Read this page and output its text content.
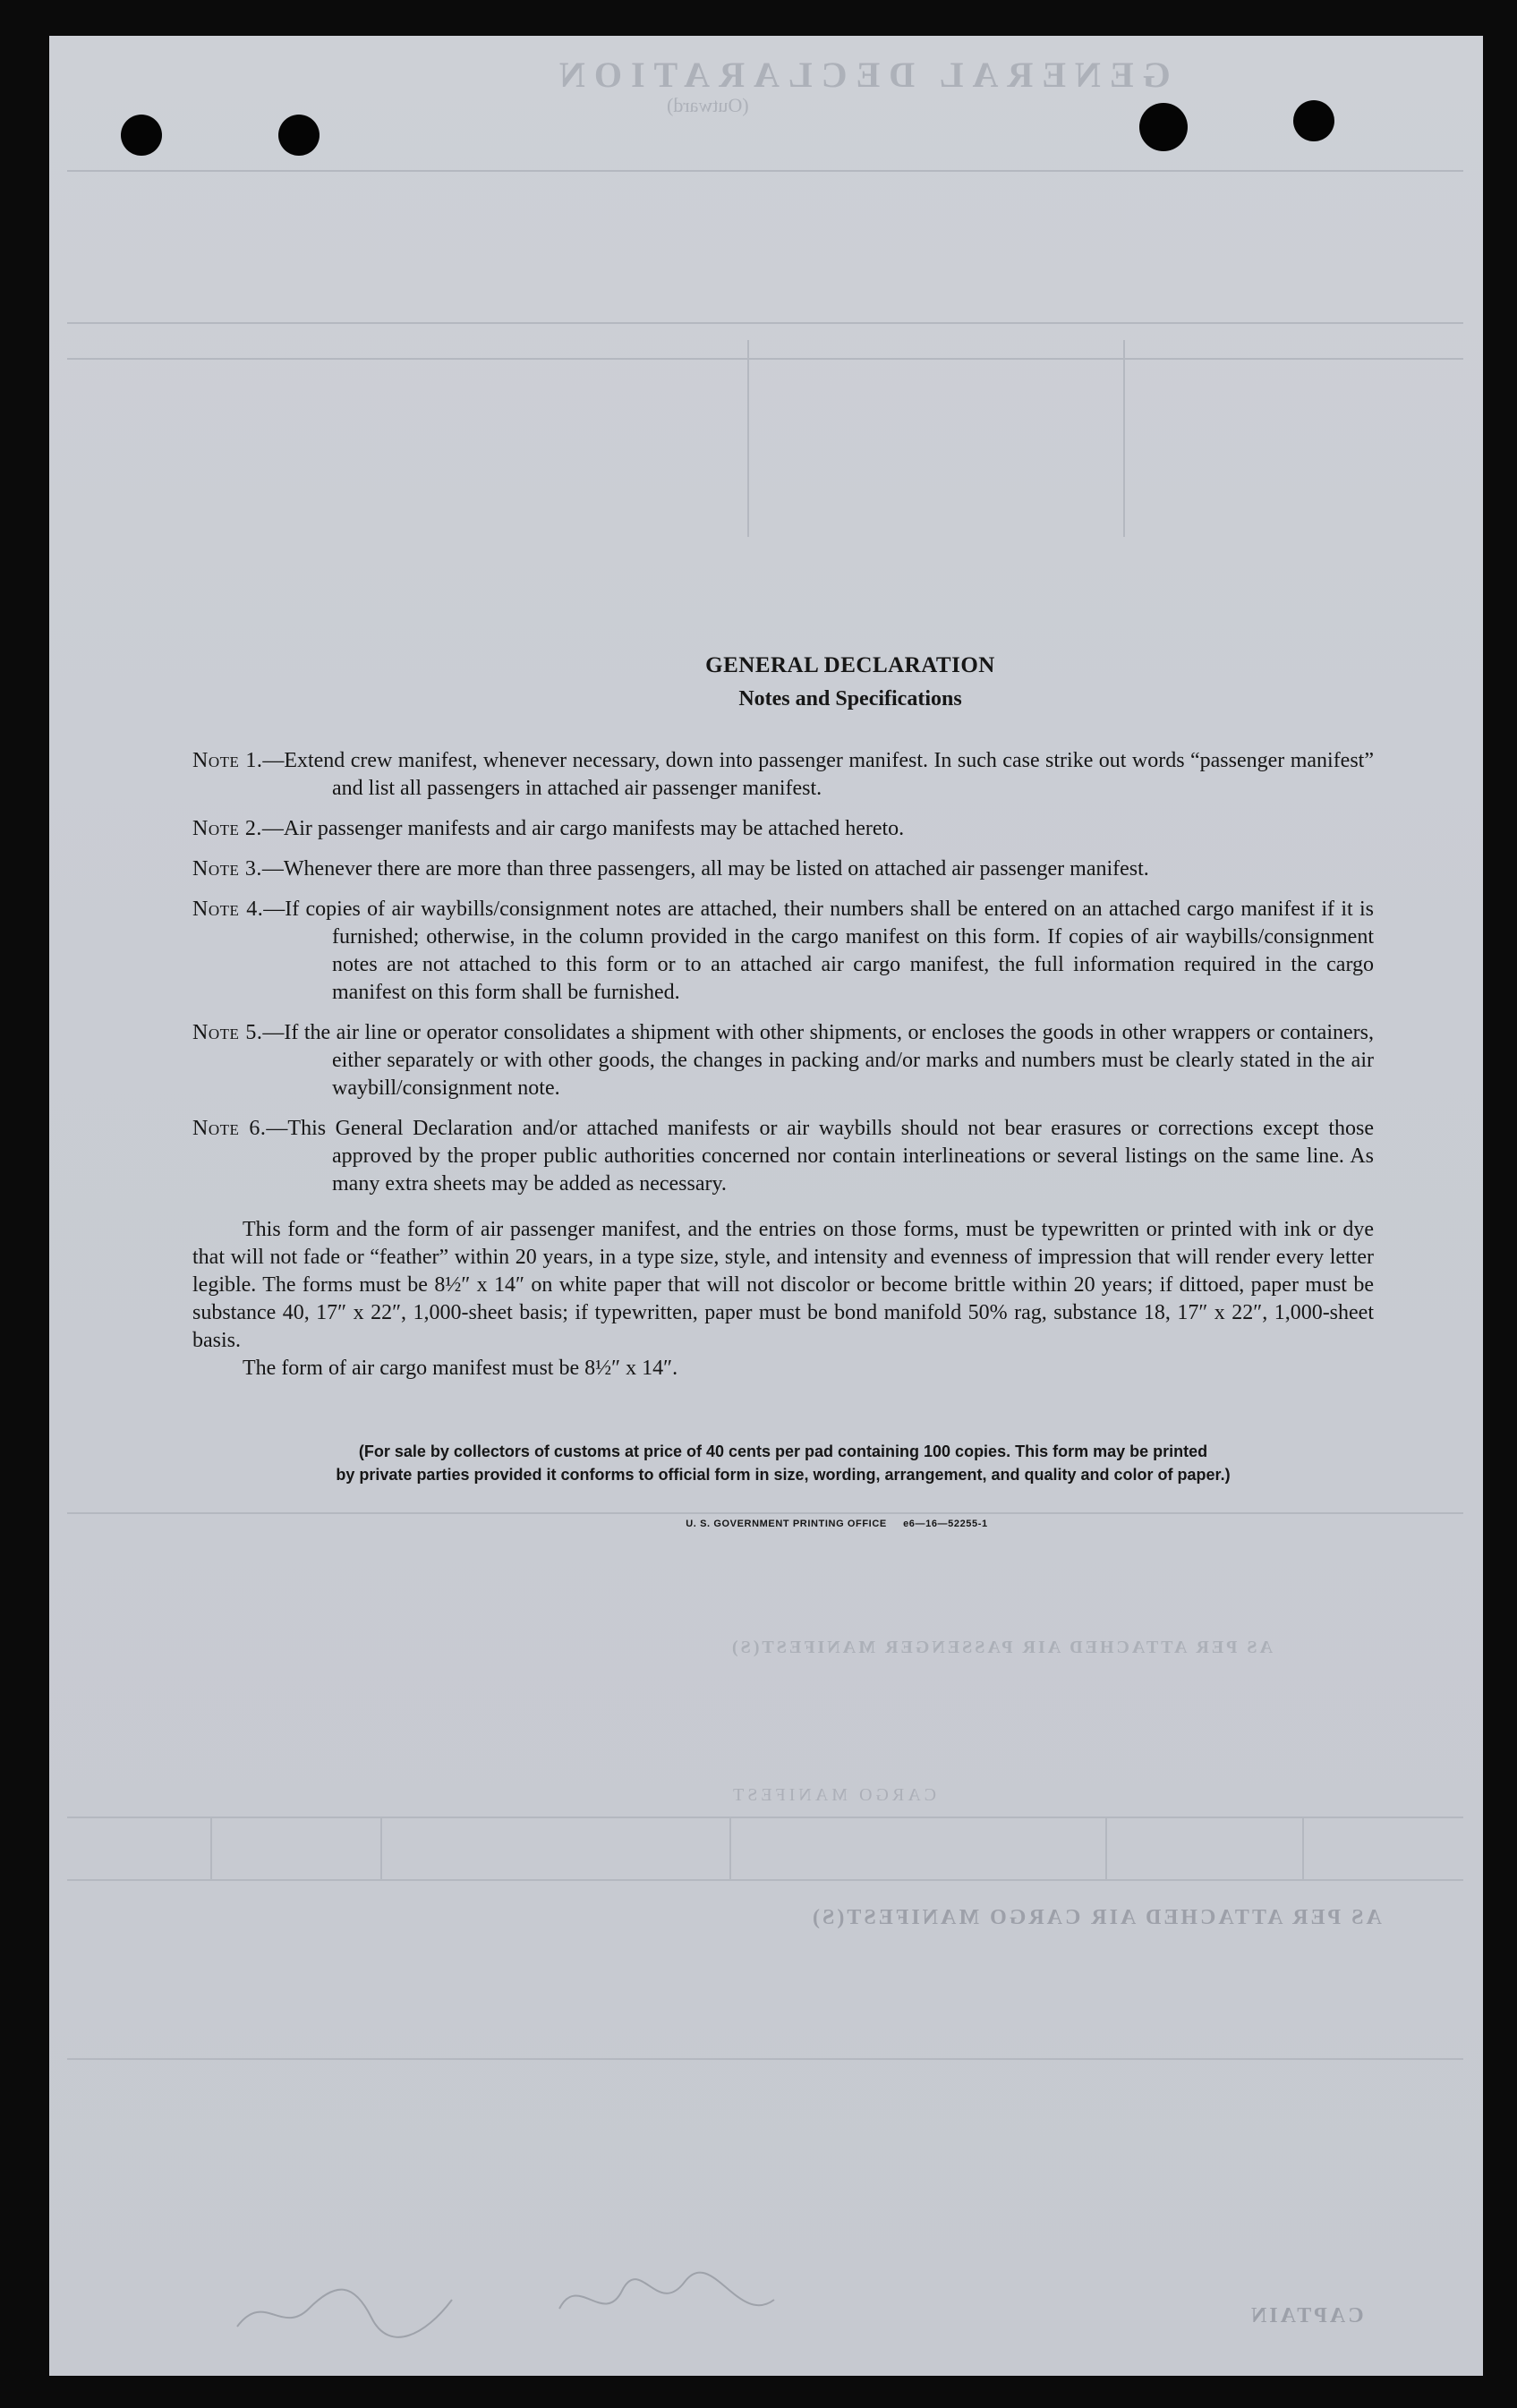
GENERAL DECLARATION
(Outward)
AS PER ATTACHED AIR PASSENGER MANIFEST(S)
CARGO MANIFEST
AS PER ATTACHED AIR CARGO MANIFEST(S)
CAPTAIN
GENERAL DECLARATION
Notes and Specifications
Note 1.—Extend crew manifest, whenever necessary, down into passenger manifest. In such case strike out words “passenger manifest” and list all passengers in attached air passenger manifest.
Note 2.—Air passenger manifests and air cargo manifests may be attached hereto.
Note 3.—Whenever there are more than three passengers, all may be listed on attached air passenger manifest.
Note 4.—If copies of air waybills/consignment notes are attached, their numbers shall be entered on an attached cargo manifest if it is furnished; otherwise, in the column provided in the cargo manifest on this form. If copies of air waybills/consignment notes are not attached to this form or to an attached air cargo manifest, the full information required in the cargo manifest on this form shall be furnished.
Note 5.—If the air line or operator consolidates a shipment with other shipments, or encloses the goods in other wrappers or containers, either separately or with other goods, the changes in packing and/or marks and numbers must be clearly stated in the air waybill/consignment note.
Note 6.—This General Declaration and/or attached manifests or air waybills should not bear erasures or corrections except those approved by the proper public authorities concerned nor contain interlineations or several listings on the same line. As many extra sheets may be added as necessary.
This form and the form of air passenger manifest, and the entries on those forms, must be typewritten or printed with ink or dye that will not fade or “feather” within 20 years, in a type size, style, and intensity and evenness of impression that will render every letter legible. The forms must be 8½″ x 14″ on white paper that will not discolor or become brittle within 20 years; if dittoed, paper must be substance 40, 17″ x 22″, 1,000-sheet basis; if typewritten, paper must be bond manifold 50% rag, substance 18, 17″ x 22″, 1,000-sheet basis.
The form of air cargo manifest must be 8½″ x 14″.
(For sale by collectors of customs at price of 40 cents per pad containing 100 copies. This form may be printed
by private parties provided it conforms to official form in size, wording, arrangement, and quality and color of paper.)
U. S. GOVERNMENT PRINTING OFFICE     e6—16—52255-1
